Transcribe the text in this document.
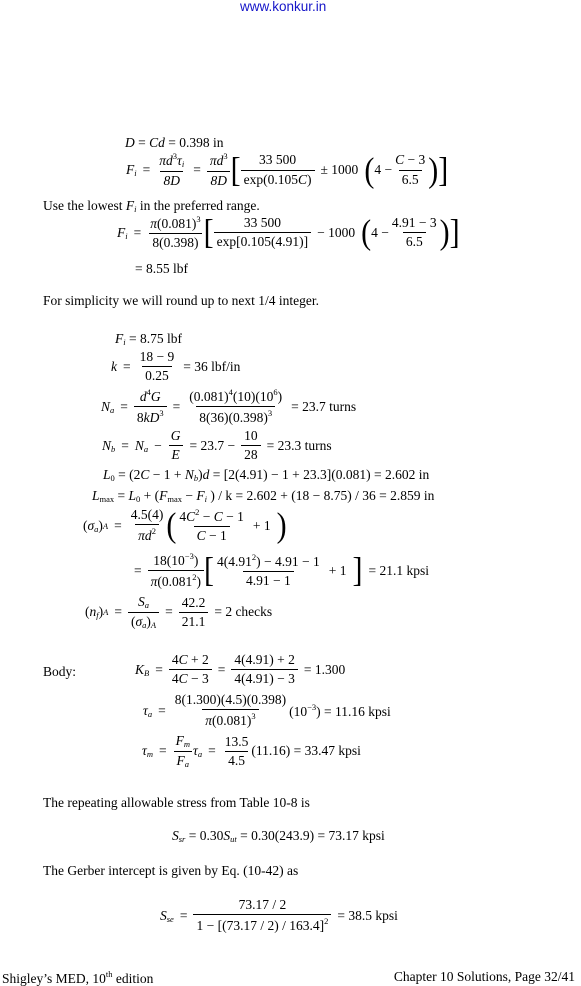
www.konkur.in
D = Cd = 0.398 in
$F_i = \frac{\pi d^3\tau_i}{8D} = \frac{\pi d^3}{8D}$ [ $\frac{33 500}{\exp(0.105C)} \pm 1000$ ( $4 - \frac{C - 3}{6.5}$ ) ]
Use the lowest $F_i$ in the preferred range.
$F_i = \frac{\pi(0.081)^3}{8(0.398)}$ [ $\frac{33 500}{\exp[0.105(4.91)]} - 1000$ ( $4 - \frac{4.91 - 3}{6.5}$ ) ]
= 8.55 lbf
For simplicity we will round up to next 1/4 integer.
$F_i = 8.75$ lbf
$k = \frac{18 - 9}{0.25} = 36$ lbf/in
$N_a = \frac{d^4G}{8kD^3} = \frac{(0.081)^4(10)(10^6)}{8(36)(0.398)^3} = 23.7$ turns
$N_b = N_a - \frac{G}{E} = 23.7 - \frac{10}{28} = 23.3$ turns
$L_0 = (2C - 1 + N_b)d = [2(4.91) - 1 + 23.3](0.081) = 2.602$ in
$L_{max} = L_0 + (F_{max} - F_i$ ) / k = 2.602 + (18 − 8.75) / 36 = 2.859 in
( $\sigma_a$ ) $A = \frac{4.5(4)}{\pi d^2}$ ( $\frac{4C^2 - C - 1}{C - 1} + 1$ )
= $\frac{18(10^{-3})}{\pi(0.081^2)}$ [ $\frac{4(4.91^2) - 4.91 - 1}{4.91 - 1} + 1$ ] = 21.1 kpsi
( $n_f$ ) $A = \frac{S_a}{(\sigma_a)_A} = \frac{42.2}{21.1} = 2$ checks
Body:	$K_B = \frac{4C + 2}{4C - 3} = \frac{4(4.91) + 2}{4(4.91) - 3} = 1.300$
$\tau_a = \frac{8(1.300)(4.5)(0.398)}{\pi(0.081)^3} (10^{-3}) = 11.16$ kpsi
$\tau_m = \frac{F_m}{F_a} \tau_a = \frac{13.5}{4.5} (11.16) = 33.47$ kpsi
The repeating allowable stress from Table 10-8 is
$S_{sr} = 0.30S_{ut} = 0.30(243.9) = 73.17$ kpsi
The Gerber intercept is given by Eq. (10-42) as
$S_{se} = \frac{73.17 / 2}{1 - [(73.17 / 2) / 163.4]^2} = 38.5$ kpsi
Shigley’s MED, 10th edition	Chapter 10 Solutions, Page 32/41
